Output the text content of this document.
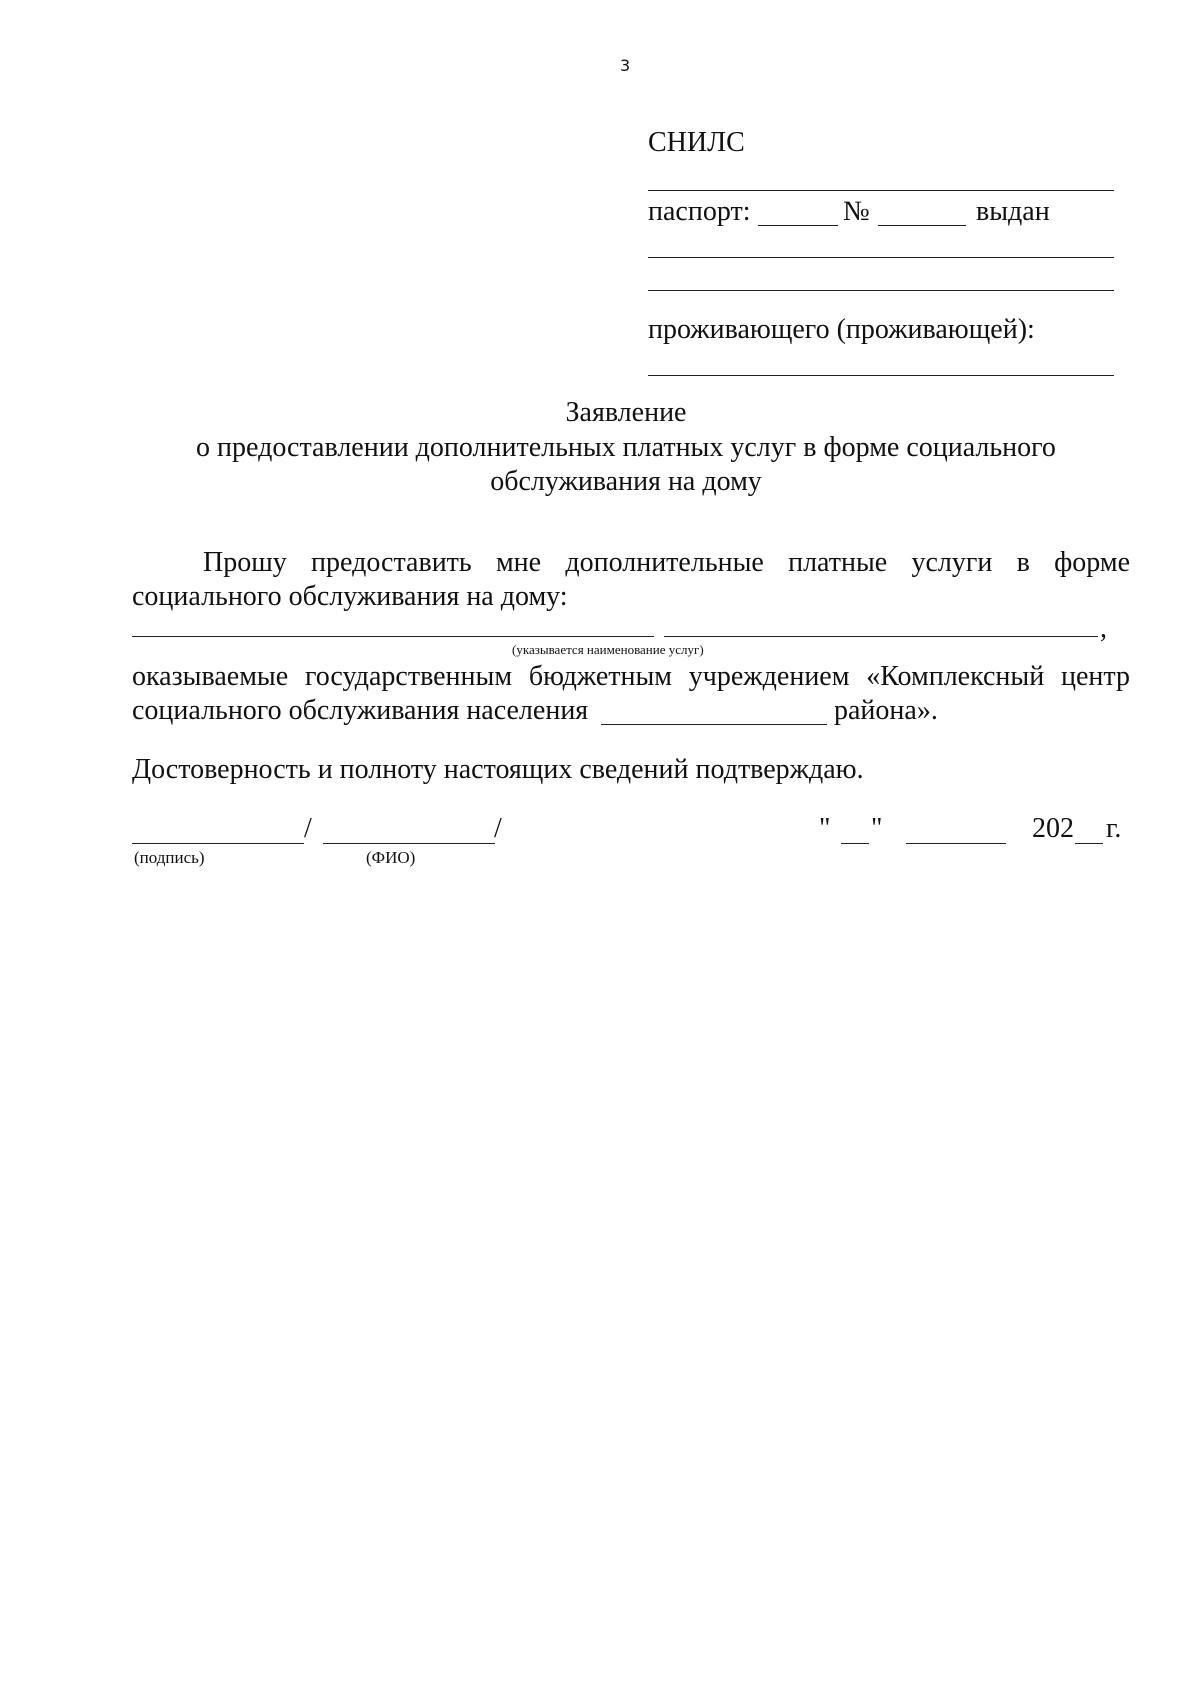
3
СНИЛС
паспорт:	№	выдан
проживающего (проживающей):
Заявление
о предоставлении дополнительных платных услуг в форме социального
обслуживания на дому
Прошу предоставить мне дополнительные платные услуги в форме
социального обслуживания на дому:
,
(указывается наименование услуг)
оказываемые государственным бюджетным учреждением «Комплексный центр
социального обслуживания населения	района».
Достоверность и полноту настоящих сведений подтверждаю.
/	/
(подпись)	(ФИО)
" "	202 г.
